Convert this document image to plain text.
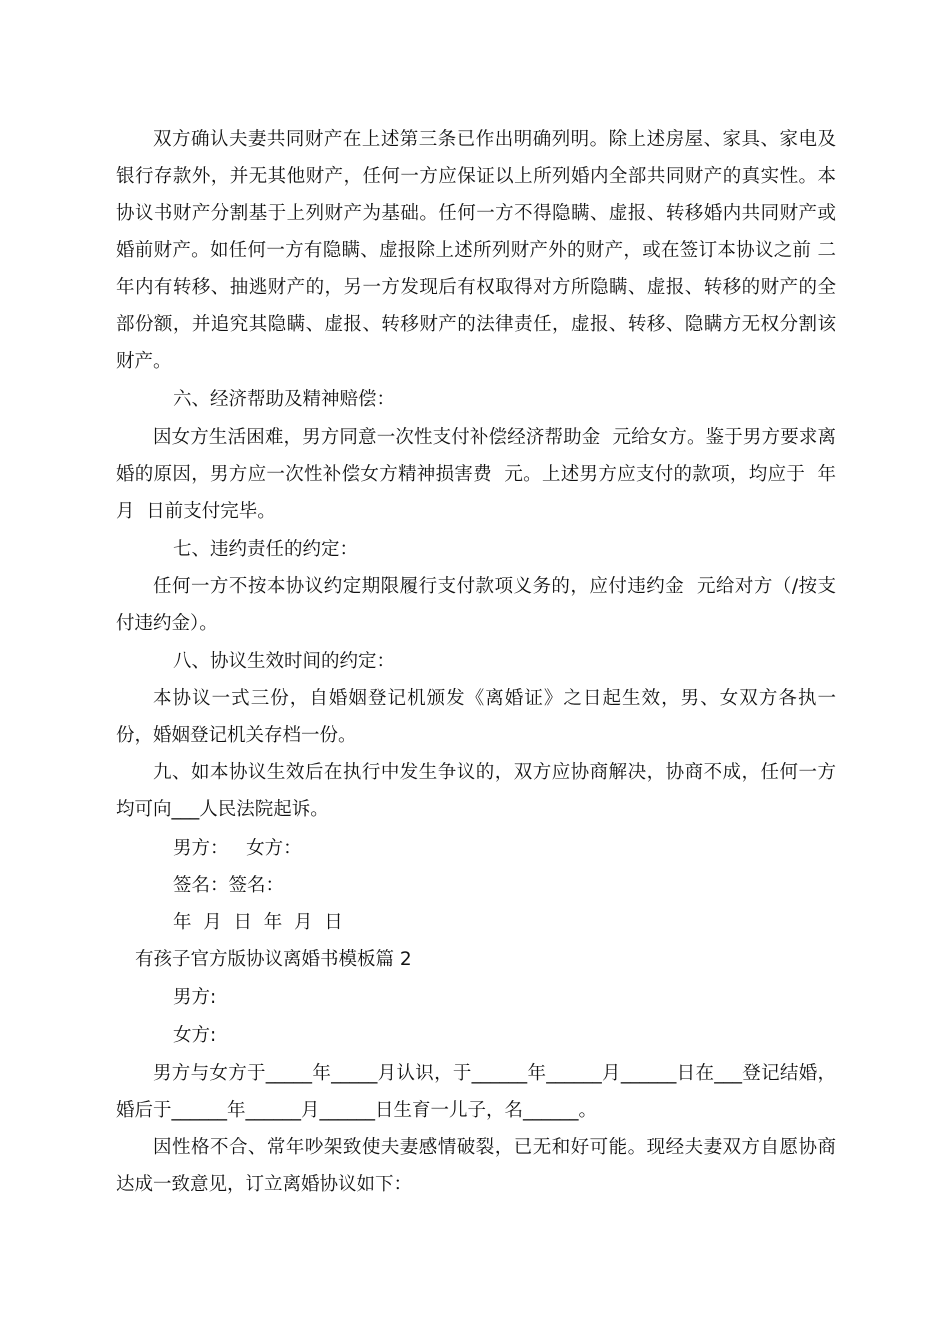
双方确认夫妻共同财产在上述第三条已作出明确列明。除上述房屋、家具、家电及银行存款外，并无其他财产，任何一方应保证以上所列婚内全部共同财产的真实性。本协议书财产分割基于上列财产为基础。任何一方不得隐瞒、虚报、转移婚内共同财产或婚前财产。如任何一方有隐瞒、虚报除上述所列财产外的财产，或在签订本协议之前 二年内有转移、抽逃财产的，另一方发现后有权取得对方所隐瞒、虚报、转移的财产的全部份额，并追究其隐瞒、虚报、转移财产的法律责任，虚报、转移、隐瞒方无权分割该财产。

六、经济帮助及精神赔偿：

因女方生活困难，男方同意一次性支付补偿经济帮助金  元给女方。鉴于男方要求离婚的原因，男方应一次性补偿女方精神损害费  元。上述男方应支付的款项，均应于  年  月  日前支付完毕。

七、违约责任的约定：

任何一方不按本协议约定期限履行支付款项义务的，应付违约金  元给对方（/按支付违约金）。

八、协议生效时间的约定：

本协议一式三份，自婚姻登记机颁发《离婚证》之日起生效，男、女双方各执一份，婚姻登记机关存档一份。

九、如本协议生效后在执行中发生争议的，双方应协商解决，协商不成，任何一方均可向___人民法院起诉。

男方：   女方：

签名：签名：

年  月  日  年  月  日

有孩子官方版协议离婚书模板篇 2

男方:

女方:

男方与女方于_____年_____月认识，于______年______月______日在___登记结婚，婚后于______年______月______日生育一儿子，名______。

因性格不合、常年吵架致使夫妻感情破裂，已无和好可能。现经夫妻双方自愿协商达成一致意见，订立离婚协议如下：
